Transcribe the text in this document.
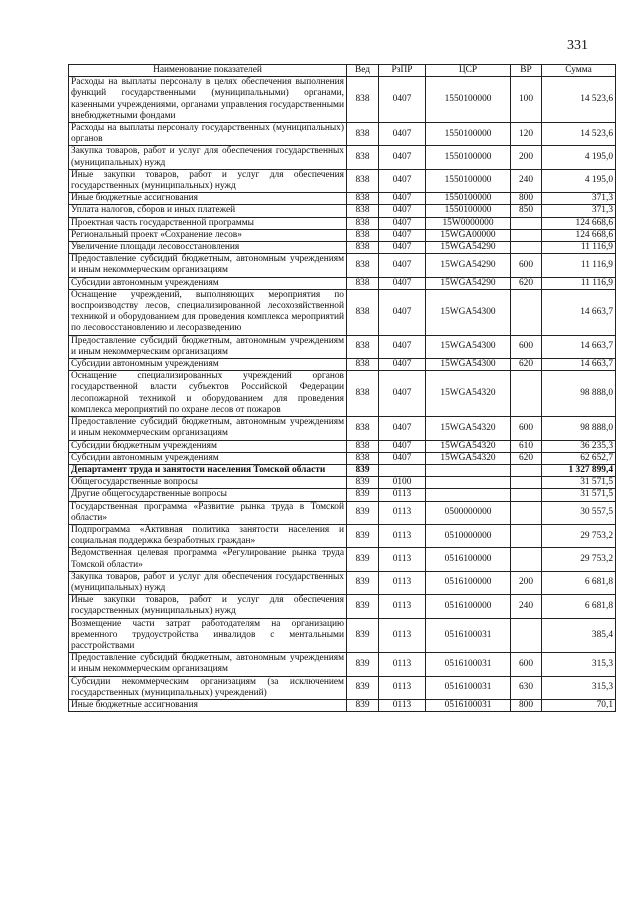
331
Наименование показателей	Вед	РзПР	ЦСР	ВР	Сумма
Расходы на выплаты персоналу в целях обеспечения выполнения функций государственными (муниципальными) органами, казенными учреждениями, органами управления государственными внебюджетными фондами	838	0407	1550100000	100	14 523,6
Расходы на выплаты персоналу государственных (муниципальных) органов	838	0407	1550100000	120	14 523,6
Закупка товаров, работ и услуг для обеспечения государственных (муниципальных) нужд	838	0407	1550100000	200	4 195,0
Иные закупки товаров, работ и услуг для обеспечения государственных (муниципальных) нужд	838	0407	1550100000	240	4 195,0
Иные бюджетные ассигнования	838	0407	1550100000	800	371,3
Уплата налогов, сборов и иных платежей	838	0407	1550100000	850	371,3
Проектная часть государственной программы	838	0407	15W0000000		124 668,6
Региональный проект «Сохранение лесов»	838	0407	15WGA00000		124 668,6
Увеличение площади лесовосстановления	838	0407	15WGA54290		11 116,9
Предоставление субсидий бюджетным, автономным учреждениям и иным некоммерческим организациям	838	0407	15WGA54290	600	11 116,9
Субсидии автономным учреждениям	838	0407	15WGA54290	620	11 116,9
Оснащение учреждений, выполняющих мероприятия по воспроизводству лесов, специализированной лесохозяйственной техникой и оборудованием для проведения комплекса мероприятий по лесовосстановлению и лесоразведению	838	0407	15WGA54300		14 663,7
Предоставление субсидий бюджетным, автономным учреждениям и иным некоммерческим организациям	838	0407	15WGA54300	600	14 663,7
Субсидии автономным учреждениям	838	0407	15WGA54300	620	14 663,7
Оснащение специализированных учреждений органов государственной власти субъектов Российской Федерации лесопожарной техникой и оборудованием для проведения комплекса мероприятий по охране лесов от пожаров	838	0407	15WGA54320		98 888,0
Предоставление субсидий бюджетным, автономным учреждениям и иным некоммерческим организациям	838	0407	15WGA54320	600	98 888,0
Субсидии бюджетным учреждениям	838	0407	15WGA54320	610	36 235,3
Субсидии автономным учреждениям	838	0407	15WGA54320	620	62 652,7
Департамент труда и занятости населения Томской области	839				1 327 899,4
Общегосударственные вопросы	839	0100			31 571,5
Другие общегосударственные вопросы	839	0113			31 571,5
Государственная программа «Развитие рынка труда в Томской области»	839	0113	0500000000		30 557,5
Подпрограмма «Активная политика занятости населения и социальная поддержка безработных граждан»	839	0113	0510000000		29 753,2
Ведомственная целевая программа «Регулирование рынка труда Томской области»	839	0113	0516100000		29 753,2
Закупка товаров, работ и услуг для обеспечения государственных (муниципальных) нужд	839	0113	0516100000	200	6 681,8
Иные закупки товаров, работ и услуг для обеспечения государственных (муниципальных) нужд	839	0113	0516100000	240	6 681,8
Возмещение части затрат работодателям на организацию временного трудоустройства инвалидов с ментальными расстройствами	839	0113	0516100031		385,4
Предоставление субсидий бюджетным, автономным учреждениям и иным некоммерческим организациям	839	0113	0516100031	600	315,3
Субсидии некоммерческим организациям (за исключением государственных (муниципальных) учреждений)	839	0113	0516100031	630	315,3
Иные бюджетные ассигнования	839	0113	0516100031	800	70,1
